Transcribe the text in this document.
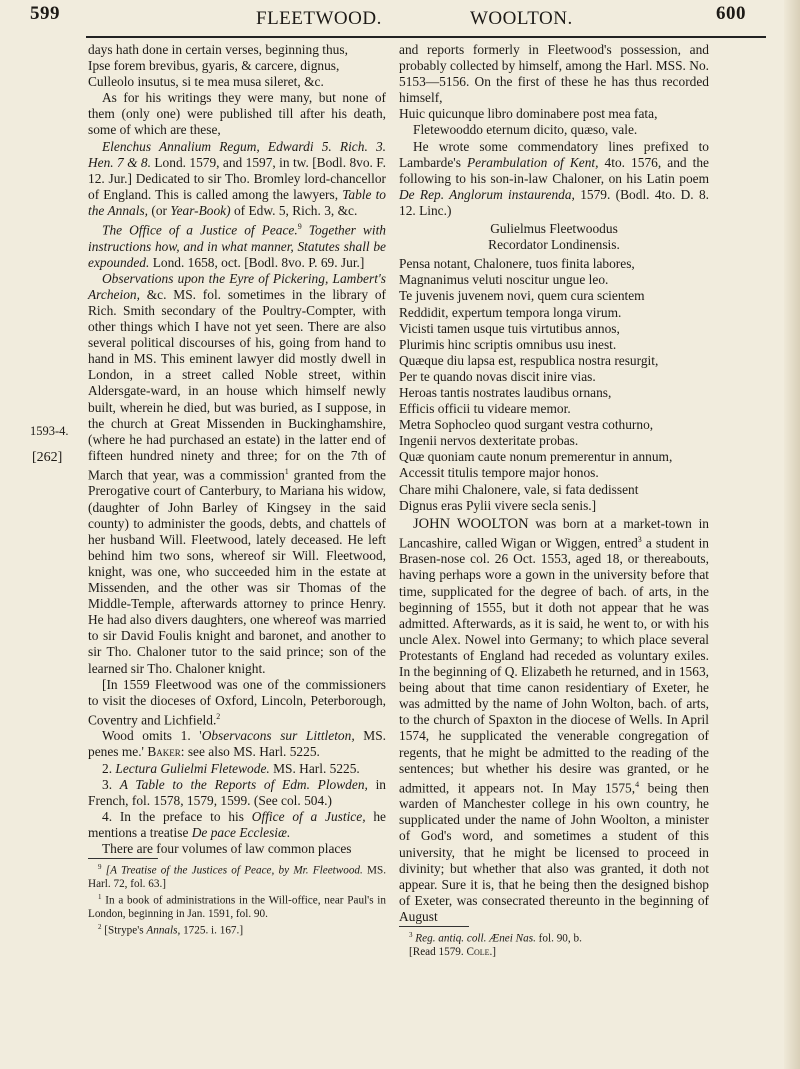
599	FLEETWOOD.	WOOLTON.	600
1593-4.
[262]

days hath done in certain verses, beginning thus,

Ipse forem brevibus, gyaris, & carcere, dignus,

Culleolo insutus, si te mea musa sileret, &c.

As for his writings they were many, but none of them (only one) were published till after his death, some of which are these,

Elenchus Annalium Regum, Edwardi 5. Rich. 3. Hen. 7 & 8. Lond. 1579, and 1597, in tw. [Bodl. 8vo. F. 12. Jur.] Dedicated to sir Tho. Bromley lord-chancellor of England. This is called among the lawyers, Table to the Annals, (or Year-Book) of Edw. 5, Rich. 3, &c.

The Office of a Justice of Peace.$^9$ Together with instructions how, and in what manner, Statutes shall be expounded. Lond. 1658, oct. [Bodl. 8vo. P. 69. Jur.]

Observations upon the Eyre of Pickering, Lambert's Archeion, &c. MS. fol. sometimes in the library of Rich. Smith secondary of the Poultry-Compter, with other things which I have not yet seen. There are also several political discourses of his, going from hand to hand in MS. This eminent lawyer did mostly dwell in London, in a street called Noble street, within Aldersgate-ward, in an house which himself newly built, wherein he died, but was buried, as I suppose, in the church at Great Missenden in Buckinghamshire, (where he had purchased an estate) in the latter end of fifteen hundred ninety and three; for on the 7th of March that year, was a commission$^1$ granted from the Prerogative court of Canterbury, to Mariana his widow, (daughter of John Barley of Kingsey in the said county) to administer the goods, debts, and chattels of her husband Will. Fleetwood, lately deceased. He left behind him two sons, whereof sir Will. Fleetwood, knight, was one, who succeeded him in the estate at Missenden, and the other was sir Thomas of the Middle-Temple, afterwards attorney to prince Henry. He had also divers daughters, one whereof was married to sir David Foulis knight and baronet, and another to sir Tho. Chaloner tutor to the said prince; son of the learned sir Tho. Chaloner knight.

[In 1559 Fleetwood was one of the commissioners to visit the dioceses of Oxford, Lincoln, Peterborough, Coventry and Lichfield.$^2$

Wood omits 1. 'Observacons sur Littleton, MS. penes me.' Baker: see also MS. Harl. 5225.

2. Lectura Gulielmi Fletewode. MS. Harl. 5225.

3. A Table to the Reports of Edm. Plowden, in French, fol. 1578, 1579, 1599. (See col. 504.)

4. In the preface to his Office of a Justice, he mentions a treatise De pace Ecclesiæ.

There are four volumes of law common places

$^9$ [A Treatise of the Justices of Peace, by Mr. Fleetwood. MS. Harl. 72, fol. 63.]

$^1$ In a book of administrations in the Will-office, near Paul's in London, beginning in Jan. 1591, fol. 90.

$^2$ [Strype's Annals, 1725. i. 167.]

and reports formerly in Fleetwood's possession, and probably collected by himself, among the Harl. MSS. No. 5153—5156. On the first of these he has thus recorded himself,

Huic quicunque libro dominabere post mea fata,

Fletewooddo eternum dicito, quæso, vale.

He wrote some commendatory lines prefixed to Lambarde's Perambulation of Kent, 4to. 1576, and the following to his son-in-law Chaloner, on his Latin poem De Rep. Anglorum instaurenda, 1579. (Bodl. 4to. D. 8. 12. Linc.)

Gulielmus Fleetwoodus

Recordator Londinensis.

Pensa notant, Chalonere, tuos finita labores,

Magnanimus veluti noscitur ungue leo.

Te juvenis juvenem novi, quem cura scientem

Reddidit, expertum tempora longa virum.

Vicisti tamen usque tuis virtutibus annos,

Plurimis hinc scriptis omnibus usu inest.

Quæque diu lapsa est, respublica nostra resurgit,

Per te quando novas discit inire vias.

Heroas tantis nostrates laudibus ornans,

Efficis officii tu videare memor.

Metra Sophocleo quod surgant vestra cothurno,

Ingenii nervos dexteritate probas.

Quæ quoniam caute nonum premerentur in annum,

Accessit titulis tempore major honos.

Chare mihi Chalonere, vale, si fata dedissent

Dignus eras Pylii vivere secla senis.]

JOHN WOOLTON was born at a market-town in Lancashire, called Wigan or Wiggen, entred$^3$ a student in Brasen-nose col. 26 Oct. 1553, aged 18, or thereabouts, having perhaps wore a gown in the university before that time, supplicated for the degree of bach. of arts, in the beginning of 1555, but it doth not appear that he was admitted. Afterwards, as it is said, he went to, or with his uncle Alex. Nowel into Germany; to which place several Protestants of England had receded as voluntary exiles. In the beginning of Q. Elizabeth he returned, and in 1563, being about that time canon residentiary of Exeter, he was admitted by the name of John Wolton, bach. of arts, to the church of Spaxton in the diocese of Wells. In April 1574, he supplicated the venerable congregation of regents, that he might be admitted to the reading of the sentences; but whether his desire was granted, or he admitted, it appears not. In May 1575,$^4$ being then warden of Manchester college in his own country, he supplicated under the name of John Woolton, a minister of God's word, and sometimes a student of this university, that he might be licensed to proceed in divinity; but whether that also was granted, it doth not appear. Sure it is, that he being then the designed bishop of Exeter, was consecrated thereunto in the beginning of August

$^3$ Reg. antiq. coll. Ænei Nas. fol. 90, b.

[Read 1579. Cole.]
